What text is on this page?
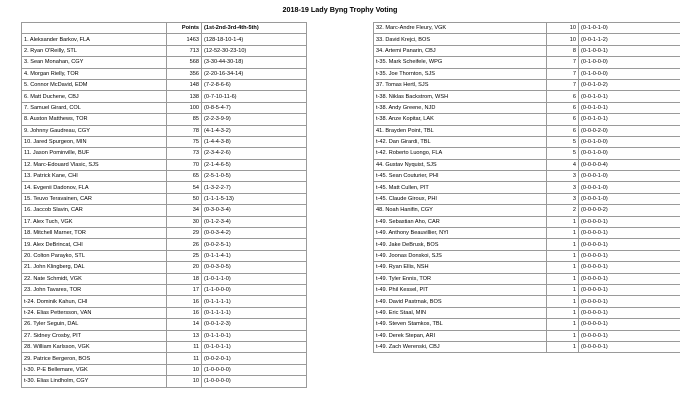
2018-19 Lady Byng Trophy Voting
	Points	(1st-2nd-3rd-4th-5th)
1. Aleksander Barkov, FLA	1463	(128-18-10-1-4)
2. Ryan O'Reilly, STL	713	(12-52-30-23-10)
3. Sean Monahan, CGY	568	(3-30-44-30-18)
4. Morgan Rielly, TOR	356	(2-20-16-34-14)
5. Connor McDavid, EDM	148	(7-2-8-6-6)
6. Matt Duchene, CBJ	138	(0-7-10-11-6)
7. Samuel Girard, COL	100	(0-8-5-4-7)
8. Auston Matthews, TOR	85	(2-2-3-9-9)
9. Johnny Gaudreau, CGY	78	(4-1-4-3-2)
10. Jared Spurgeon, MIN	75	(1-4-4-3-8)
11. Jason Pominville, BUF	73	(2-3-4-2-6)
12. Marc-Edouard Vlasic, SJS	70	(2-1-4-6-5)
13. Patrick Kane, CHI	65	(2-5-1-0-5)
14. Evgenii Dadonov, FLA	54	(1-3-2-2-7)
15. Teuvo Teravainen, CAR	50	(1-1-1-5-13)
16. Jaccob Slavin, CAR	34	(0-3-0-3-4)
17. Alex Tuch, VGK	30	(0-1-2-3-4)
18. Mitchell Marner, TOR	29	(0-0-3-4-2)
19. Alex DeBrincat, CHI	26	(0-0-2-5-1)
20. Colton Parayko, STL	25	(0-1-1-4-1)
21. John Klingberg, DAL	20	(0-0-3-0-5)
22. Nate Schmidt, VGK	18	(1-0-1-1-0)
23. John Tavares, TOR	17	(1-1-0-0-0)
t-24. Dominik Kahun, CHI	16	(0-1-1-1-1)
t-24. Elias Pettersson, VAN	16	(0-1-1-1-1)
26. Tyler Seguin, DAL	14	(0-0-1-2-3)
27. Sidney Crosby, PIT	13	(0-1-1-0-1)
28. William Karlsson, VGK	11	(0-1-0-1-1)
29. Patrice Bergeron, BOS	11	(0-0-2-0-1)
t-30. P-E Bellemare, VGK	10	(1-0-0-0-0)
t-30. Elias Lindholm, CGY	10	(1-0-0-0-0)
32. Marc-Andre Fleury, VGK	10	(0-1-0-1-0)
33. David Krejci, BOS	10	(0-0-1-1-2)
34. Artemi Panarin, CBJ	8	(0-1-0-0-1)
t-35. Mark Scheifele, WPG	7	(0-1-0-0-0)
t-35. Joe Thornton, SJS	7	(0-1-0-0-0)
37. Tomas Hertl, SJS	7	(0-0-1-0-2)
t-38. Niklas Backstrom, WSH	6	(0-0-1-0-1)
t-38. Andy Greene, NJD	6	(0-0-1-0-1)
t-38. Anze Kopitar, LAK	6	(0-0-1-0-1)
41. Brayden Point, TBL	6	(0-0-0-2-0)
t-42. Dan Girardi, TBL	5	(0-0-1-0-0)
t-42. Roberto Luongo, FLA	5	(0-0-1-0-0)
44. Gustav Nyquist, SJS	4	(0-0-0-0-4)
t-45. Sean Couturier, PHI	3	(0-0-0-1-0)
t-45. Matt Cullen, PIT	3	(0-0-0-1-0)
t-45. Claude Giroux, PHI	3	(0-0-0-1-0)
48. Noah Hanifin, CGY	2	(0-0-0-0-2)
t-49. Sebastian Aho, CAR	1	(0-0-0-0-1)
t-49. Anthony Beauvillier, NYI	1	(0-0-0-0-1)
t-49. Jake DeBrusk, BOS	1	(0-0-0-0-1)
t-49. Joonas Donskoi, SJS	1	(0-0-0-0-1)
t-49. Ryan Ellis, NSH	1	(0-0-0-0-1)
t-49. Tyler Ennis, TOR	1	(0-0-0-0-1)
t-49. Phil Kessel, PIT	1	(0-0-0-0-1)
t-49. David Pastrnak, BOS	1	(0-0-0-0-1)
t-49. Eric Staal, MIN	1	(0-0-0-0-1)
t-49. Steven Stamkos, TBL	1	(0-0-0-0-1)
t-49. Derek Stepan, ARI	1	(0-0-0-0-1)
t-49. Zach Werenski, CBJ	1	(0-0-0-0-1)
